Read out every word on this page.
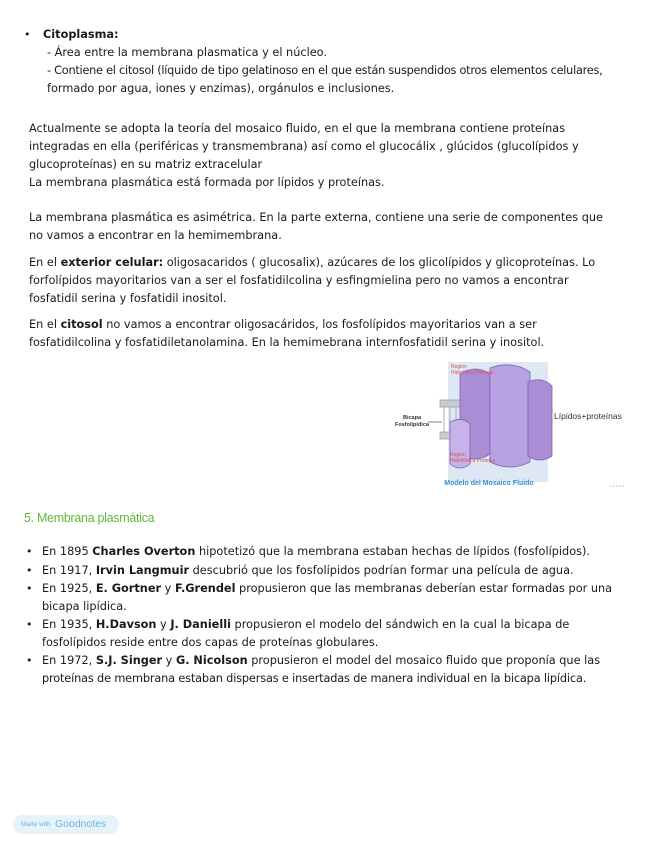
• Citoplasma:
- Área entre la membrana plasmatica y el núcleo.
- Contiene el citosol (líquido de tipo gelatinoso en el que están suspendidos otros elementos celulares,
formado por agua, iones y enzimas), orgánulos e inclusiones.
Actualmente se adopta la teoría del mosaico fluido, en el que la membrana contiene proteínas
integradas en ella (periféricas y transmembrana) así como el glucocálix , glúcidos (glucolípidos y
glucoproteínas) en su matriz extracelular
La membrana plasmática está formada por lípidos y proteínas.
La membrana plasmática es asimétrica. En la parte externa, contiene una serie de componentes que
no vamos a encontrar en la hemimembrana.
En el exterior celular: oligosacaridos ( glucosalix), azúcares de los glicolípidos y glicoproteínas. Lo
forfolípidos mayoritarios van a ser el fosfatidilcolina y esfingmielina pero no vamos a encontrar
fosfatidil serina y fosfatidil inositol.
En el citosol no vamos a encontrar oligosacáridos, los fosfolípidos mayoritarios van a ser
fosfatidilcolina y fosfatidiletanolamina. En la hemimebrana internfosfatidil serina y inositol.
Región
Hidrofílica Proteica
Bicapa
Fosfolipídica
Región
Hidrofóbica Proteica
Modelo del Mosaico Fluido
Lípidos+proteínas
5. Membrana plasmática
• En 1895 Charles Overton hipotetizó que la membrana estaban hechas de lípidos (fosfolípidos).
• En 1917, Irvin Langmuir descubrió que los fosfolípidos podrían formar una película de agua.
• En 1925, E. Gortner y F.Grendel propusieron que las membranas deberían estar formadas por una
bicapa lipídica.
• En 1935, H.Davson y J. Danielli propusieron el modelo del sándwich en la cual la bicapa de
fosfolípidos reside entre dos capas de proteínas globulares.
• En 1972, S.J. Singer y G. Nicolson propusieron el model del mosaico fluido que proponía que las
proteínas de membrana estaban dispersas e insertadas de manera individual en la bicapa lipídica.
Made with Goodnotes
